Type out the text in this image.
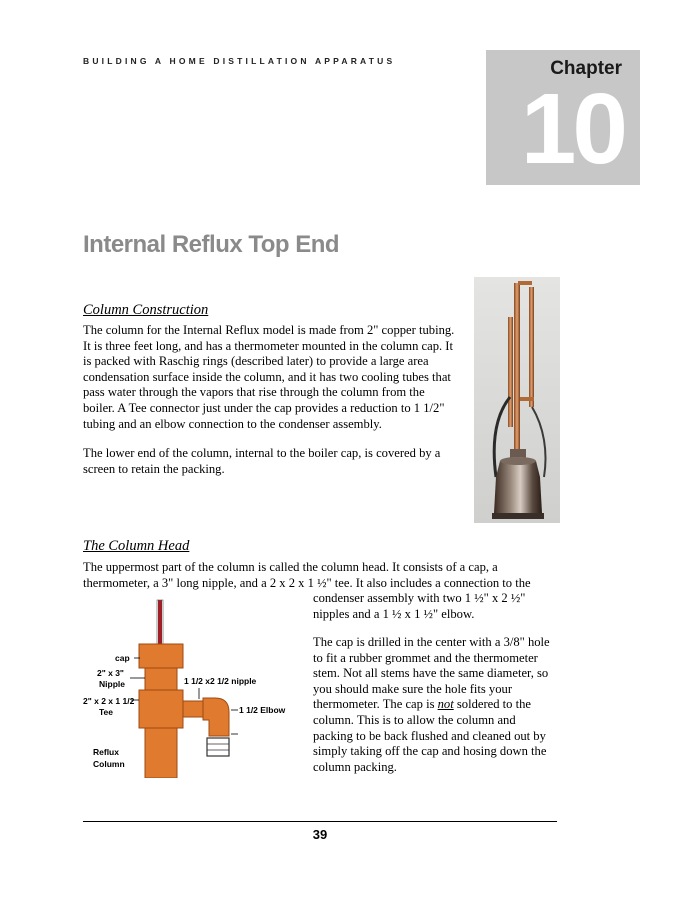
BUILDING A HOME DISTILLATION APPARATUS	Chapter
10
Internal Reflux Top End
Column Construction
The column for the Internal Reflux model is made from 2" copper tubing.
It is three feet long, and has a thermometer mounted in the column cap. It
is packed with Raschig rings (described later) to provide a large area
condensation surface inside the column, and it has two cooling tubes that
pass water through the vapors that rise through the column from the
boiler. A Tee connector just under the cap provides a reduction to 1 1/2"
tubing and an elbow connection to the condenser assembly.
The lower end of the column, internal to the boiler cap, is covered by a
screen to retain the packing.
The Column Head
The uppermost part of the column is called the column head. It consists of a cap, a
thermometer, a 3" long nipple, and a 2 x 2 x 1 ½" tee. It also includes a connection to the
condenser assembly with two 1 ½" x 2 ½"
nipples and a 1 ½ x 1 ½" elbow.
The cap is drilled in the center with a 3/8" hole
to fit a rubber grommet and the thermometer
stem. Not all stems have the same diameter, so
you should make sure the hole fits your
thermometer. The cap is not soldered to the
column. This is to allow the column and
packing to be back flushed and cleaned out by
simply taking off the cap and hosing down the
column packing.
cap
2" x 3"
Nipple
2" x 2 x 1 1/2
Tee
1 1/2 x2 1/2 nipple
1 1/2 Elbow
Reflux
Column
39
